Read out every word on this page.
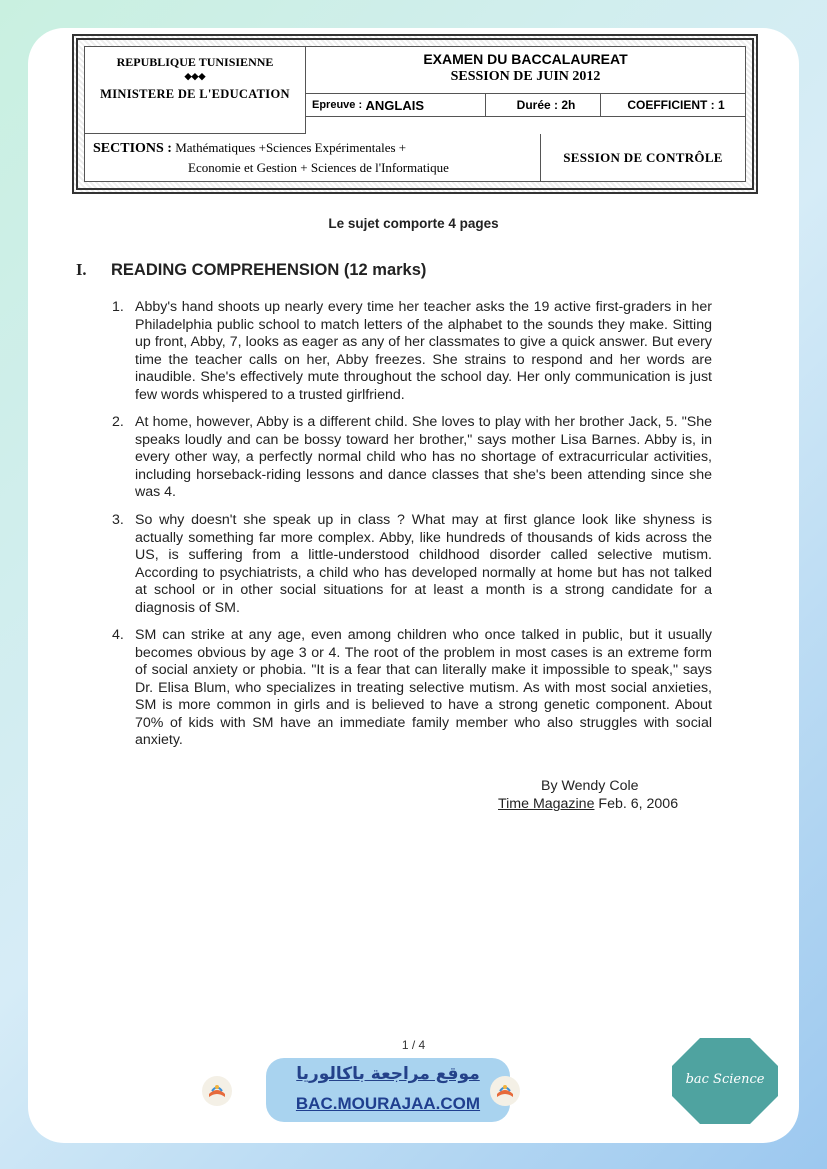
REPUBLIQUE TUNISIENNE
◆◆◆
MINISTERE DE L'EDUCATION
EXAMEN DU BACCALAUREAT
SESSION DE JUIN 2012
Epreuve :
ANGLAIS	Durée : 2h	COEFFICIENT : 1
SECTIONS : Mathématiques +Sciences Expérimentales +
Economie et Gestion + Sciences de l'Informatique
SESSION DE CONTRÔLE
Le sujet comporte 4 pages
I. READING COMPREHENSION (12 marks)
1. Abby's hand shoots up nearly every time her teacher asks the 19 active first-graders in her Philadelphia public school to match letters of the alphabet to the sounds they make. Sitting up front, Abby, 7, looks as eager as any of her classmates to give a quick answer. But every time the teacher calls on her, Abby freezes. She strains to respond and her words are inaudible. She's effectively mute throughout the school day. Her only communication is just few words whispered to a trusted girlfriend.
2. At home, however, Abby is a different child. She loves to play with her brother Jack, 5. "She speaks loudly and can be bossy toward her brother," says mother Lisa Barnes. Abby is, in every other way, a perfectly normal child who has no shortage of extracurricular activities, including horseback-riding lessons and dance classes that she's been attending since she was 4.
3. So why doesn't she speak up in class ? What may at first glance look like shyness is actually something far more complex. Abby, like hundreds of thousands of kids across the US, is suffering from a little-understood childhood disorder called selective mutism. According to psychiatrists, a child who has developed normally at home but has not talked at school or in other social situations for at least a month is a strong candidate for a diagnosis of SM.
4. SM can strike at any age, even among children who once talked in public, but it usually becomes obvious by age 3 or 4. The root of the problem in most cases is an extreme form of social anxiety or phobia. "It is a fear that can literally make it impossible to speak," says Dr. Elisa Blum, who specializes in treating selective mutism. As with most social anxieties, SM is more common in girls and is believed to have a strong genetic component. About 70% of kids with SM have an immediate family member who also struggles with social anxiety.
By Wendy Cole
Time Magazine Feb. 6, 2006
1 / 4
موقع مراجعة باكالوريا
BAC.MOURAJAA.COM
bac Science
